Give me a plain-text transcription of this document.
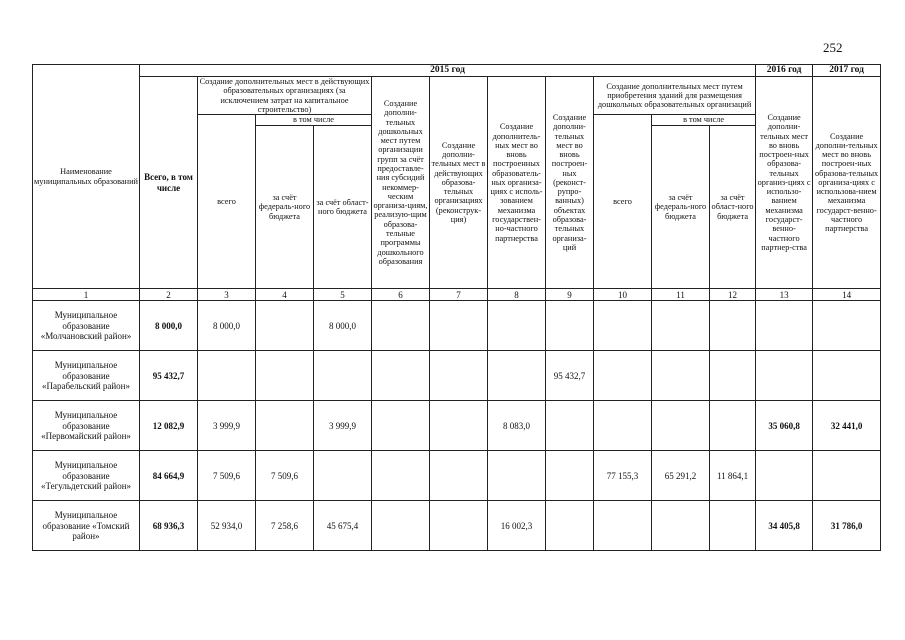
252
Наименование муниципальных образований	2015 год											2016 год	2017 год
	Всего, в том числе	Создание дополнительных мест в действующих образовательных организациях (за исключением затрат на капитальное строительство)			Создание дополни-тельных дошкольных мест путем организации групп за счёт предоставле-ния субсидий некоммер-ческим организа-циям, реализую-щим образова-тельные программы дошкольного образования	Создание дополни-тельных мест в действующих образова-тельных организациях (реконструк-ция)	Создание дополнитель-ных мест во вновь построенных образователь-ных организа-циях с исполь-зованием механизма государствен-но-частного партнерства	Создание дополни-тельных мест во вновь построен-ных (реконст-рупро-ванных) объектах образова-тельных организа-ций	Создание дополнительных мест путем приобретения зданий для размещения дошкольных образовательных организаций			Создание дополни-тельных мест во вновь построен-ных образова-тельных организ-циях с использо-ванием механизма государст-венно-частного партнер-ства	Создание дополни-тельных мест во вновь построен-ных образова-тельных организа-циях с использова-нием механизма государст-венно-частного партнерства
		всего	в том числе						всего	в том числе			
			за счёт федераль-ного бюджета	за счёт област-ного бюджета						за счёт федераль-ного бюджета	за счёт област-ного бюджета		
1	2	3	4	5	6	7	8	9	10	11	12	13	14
Муниципальное образование «Молчановский район»	8 000,0	8 000,0		8 000,0									
Муниципальное образование «Парабельский район»	95 432,7							95 432,7					
Муниципальное образование «Первомайский район»	12 082,9	3 999,9		3 999,9			8 083,0					35 060,8	32 441,0
Муниципальное образование «Тегульдетский район»	84 664,9	7 509,6	7 509,6						77 155,3	65 291,2	11 864,1		
Муниципальное образование «Томский район»	68 936,3	52 934,0	7 258,6	45 675,4			16 002,3					34 405,8	31 786,0
